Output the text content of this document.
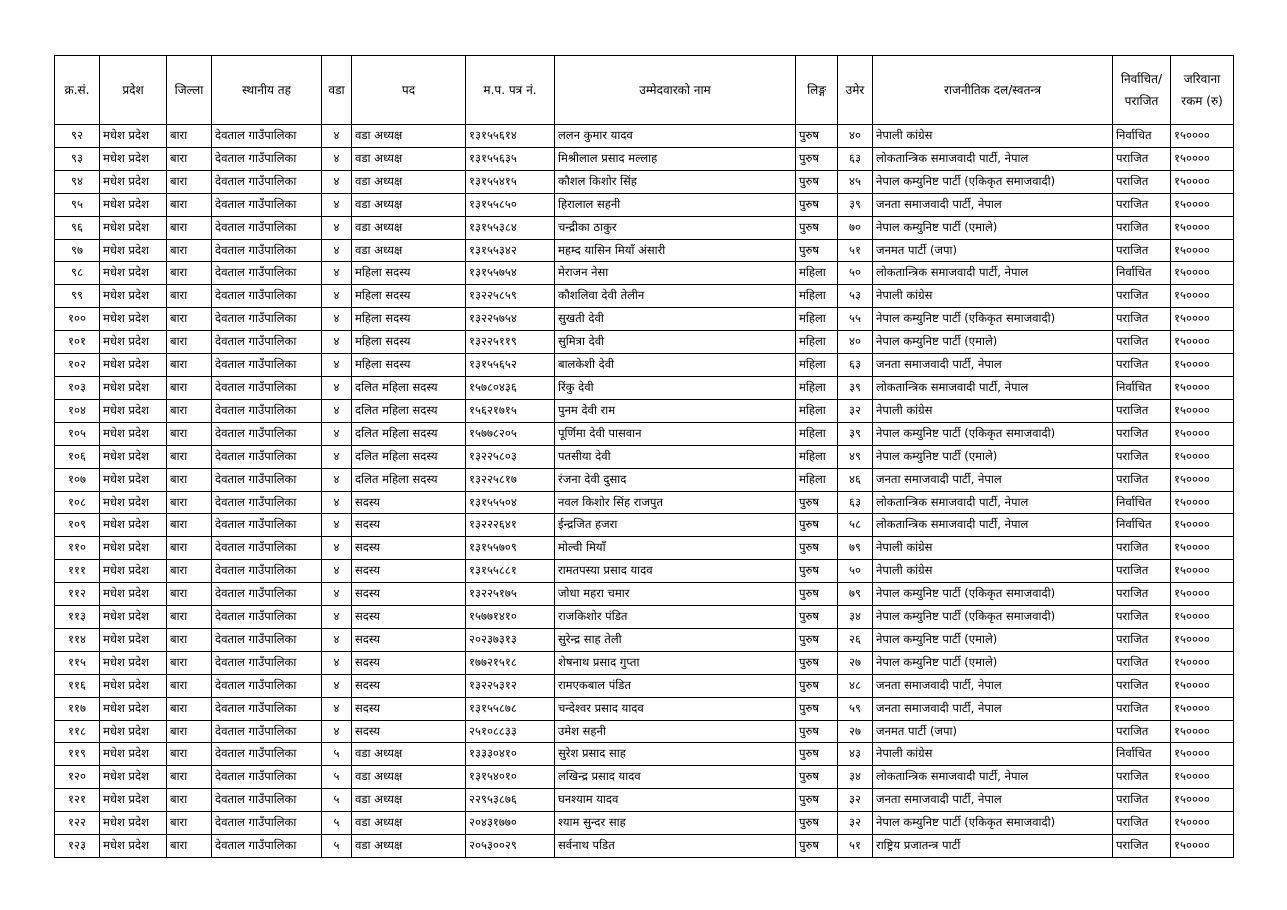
क्र.सं.	प्रदेश	जिल्ला	स्थानीय तह	वडा	पद	म.प. पत्र नं.	उम्मेदवारको नाम	लिङ्ग	उमेर	राजनीतिक दल/स्वतन्त्र	निर्वाचित/ पराजित	जरिवाना रकम (रु)
९२	मधेश प्रदेश	बारा	देवताल गाउँपालिका	४	वडा अध्यक्ष	१३१५५६१४	ललन कुमार यादव	पुरुष	४०	नेपाली कांग्रेस	निर्वाचित	१५००००
९३	मधेश प्रदेश	बारा	देवताल गाउँपालिका	४	वडा अध्यक्ष	१३१५५६३५	मिश्रीलाल प्रसाद मल्लाह	पुरुष	६३	लोकतान्त्रिक समाजवादी पार्टी, नेपाल	पराजित	१५००००
९४	मधेश प्रदेश	बारा	देवताल गाउँपालिका	४	वडा अध्यक्ष	१३१५५४१५	कौशल किशोर सिंह	पुरुष	४५	नेपाल कम्युनिष्ट पार्टी (एकिकृत समाजवादी)	पराजित	१५००००
९५	मधेश प्रदेश	बारा	देवताल गाउँपालिका	४	वडा अध्यक्ष	१३१५५८५०	हिरालाल सहनी	पुरुष	३९	जनता समाजवादी पार्टी, नेपाल	पराजित	१५००००
९६	मधेश प्रदेश	बारा	देवताल गाउँपालिका	४	वडा अध्यक्ष	१३१५५३८४	चन्द्रीका ठाकुर	पुरुष	७०	नेपाल कम्युनिष्ट पार्टी (एमाले)	पराजित	१५००००
९७	मधेश प्रदेश	बारा	देवताल गाउँपालिका	४	वडा अध्यक्ष	१३१५५३४२	महम्द यासिन मियाँ अंसारी	पुरुष	५१	जनमत पार्टी (जपा)	पराजित	१५००००
९८	मधेश प्रदेश	बारा	देवताल गाउँपालिका	४	महिला सदस्य	१३१५५७५४	मेराजन नेसा	महिला	५०	लोकतान्त्रिक समाजवादी पार्टी, नेपाल	निर्वाचित	१५००००
९९	मधेश प्रदेश	बारा	देवताल गाउँपालिका	४	महिला सदस्य	१३२२५८५९	कौशलिवा देवी तेलीन	महिला	५३	नेपाली कांग्रेस	पराजित	१५००००
१००	मधेश प्रदेश	बारा	देवताल गाउँपालिका	४	महिला सदस्य	१३२२५७५४	सुखती देवी	महिला	५५	नेपाल कम्युनिष्ट पार्टी (एकिकृत समाजवादी)	पराजित	१५००००
१०१	मधेश प्रदेश	बारा	देवताल गाउँपालिका	४	महिला सदस्य	१३२२५११९	सुमित्रा देवी	महिला	४०	नेपाल कम्युनिष्ट पार्टी (एमाले)	पराजित	१५००००
१०२	मधेश प्रदेश	बारा	देवताल गाउँपालिका	४	महिला सदस्य	१३१५५६५२	बालकेशी देवी	महिला	६३	जनता समाजवादी पार्टी, नेपाल	पराजित	१५००००
१०३	मधेश प्रदेश	बारा	देवताल गाउँपालिका	४	दलित महिला सदस्य	१५७८०४३६	रिंकु देवी	महिला	३९	लोकतान्त्रिक समाजवादी पार्टी, नेपाल	निर्वाचित	१५००००
१०४	मधेश प्रदेश	बारा	देवताल गाउँपालिका	४	दलित महिला सदस्य	१५६२१७१५	पुनम देवी राम	महिला	३२	नेपाली कांग्रेस	पराजित	१५००००
१०५	मधेश प्रदेश	बारा	देवताल गाउँपालिका	४	दलित महिला सदस्य	१५७७८२०५	पूर्णिमा देवी पासवान	महिला	३९	नेपाल कम्युनिष्ट पार्टी (एकिकृत समाजवादी)	पराजित	१५००००
१०६	मधेश प्रदेश	बारा	देवताल गाउँपालिका	४	दलित महिला सदस्य	१३२२५८०३	पतसीया देवी	महिला	४९	नेपाल कम्युनिष्ट पार्टी (एमाले)	पराजित	१५००००
१०७	मधेश प्रदेश	बारा	देवताल गाउँपालिका	४	दलित महिला सदस्य	१३२२५८१७	रंजना देवी दुसाद	महिला	४६	जनता समाजवादी पार्टी, नेपाल	पराजित	१५००००
१०८	मधेश प्रदेश	बारा	देवताल गाउँपालिका	४	सदस्य	१३१५५५०४	नवल किशोर सिंह राजपुत	पुरुष	६३	लोकतान्त्रिक समाजवादी पार्टी, नेपाल	निर्वाचित	१५००००
१०९	मधेश प्रदेश	बारा	देवताल गाउँपालिका	४	सदस्य	१३२२२६४१	ईन्द्रजित हजरा	पुरुष	५८	लोकतान्त्रिक समाजवादी पार्टी, नेपाल	निर्वाचित	१५००००
११०	मधेश प्रदेश	बारा	देवताल गाउँपालिका	४	सदस्य	१३१५५७०९	मोल्वी मियाँ	पुरुष	७९	नेपाली कांग्रेस	पराजित	१५००००
१११	मधेश प्रदेश	बारा	देवताल गाउँपालिका	४	सदस्य	१३१५५८८१	रामतपस्या प्रसाद यादव	पुरुष	५०	नेपाली कांग्रेस	पराजित	१५००००
११२	मधेश प्रदेश	बारा	देवताल गाउँपालिका	४	सदस्य	१३२२५१७५	जोधा महरा चमार	पुरुष	७९	नेपाल कम्युनिष्ट पार्टी (एकिकृत समाजवादी)	पराजित	१५००००
११३	मधेश प्रदेश	बारा	देवताल गाउँपालिका	४	सदस्य	१५७७१४१०	राजकिशोर पंडित	पुरुष	३४	नेपाल कम्युनिष्ट पार्टी (एकिकृत समाजवादी)	पराजित	१५००००
११४	मधेश प्रदेश	बारा	देवताल गाउँपालिका	४	सदस्य	२०२३७३१३	सुरेन्द्र साह तेली	पुरुष	२६	नेपाल कम्युनिष्ट पार्टी (एमाले)	पराजित	१५००००
११५	मधेश प्रदेश	बारा	देवताल गाउँपालिका	४	सदस्य	१७७२१५१८	शेषनाथ प्रसाद गुप्ता	पुरुष	२७	नेपाल कम्युनिष्ट पार्टी (एमाले)	पराजित	१५००००
११६	मधेश प्रदेश	बारा	देवताल गाउँपालिका	४	सदस्य	१३२२५३१२	रामएकबाल पंडित	पुरुष	४८	जनता समाजवादी पार्टी, नेपाल	पराजित	१५००००
११७	मधेश प्रदेश	बारा	देवताल गाउँपालिका	४	सदस्य	१३१५५८७८	चन्देश्वर प्रसाद यादव	पुरुष	५९	जनता समाजवादी पार्टी, नेपाल	पराजित	१५००००
११८	मधेश प्रदेश	बारा	देवताल गाउँपालिका	४	सदस्य	२५१०८८३३	उमेश सहनी	पुरुष	२७	जनमत पार्टी (जपा)	पराजित	१५००००
११९	मधेश प्रदेश	बारा	देवताल गाउँपालिका	५	वडा अध्यक्ष	१३३३०४१०	सुरेश प्रसाद साह	पुरुष	४३	नेपाली कांग्रेस	निर्वाचित	१५००००
१२०	मधेश प्रदेश	बारा	देवताल गाउँपालिका	५	वडा अध्यक्ष	१३१५४०१०	लखिन्द्र प्रसाद यादव	पुरुष	३४	लोकतान्त्रिक समाजवादी पार्टी, नेपाल	पराजित	१५००००
१२१	मधेश प्रदेश	बारा	देवताल गाउँपालिका	५	वडा अध्यक्ष	२२९५३८७६	घनश्याम यादव	पुरुष	३२	जनता समाजवादी पार्टी, नेपाल	पराजित	१५००००
१२२	मधेश प्रदेश	बारा	देवताल गाउँपालिका	५	वडा अध्यक्ष	२०४३१७७०	श्याम सुन्दर साह	पुरुष	३२	नेपाल कम्युनिष्ट पार्टी (एकिकृत समाजवादी)	पराजित	१५००००
१२३	मधेश प्रदेश	बारा	देवताल गाउँपालिका	५	वडा अध्यक्ष	२०५३००२९	सर्वनाथ पडित	पुरुष	५१	राष्ट्रिय प्रजातन्त्र पार्टी	पराजित	१५००००
